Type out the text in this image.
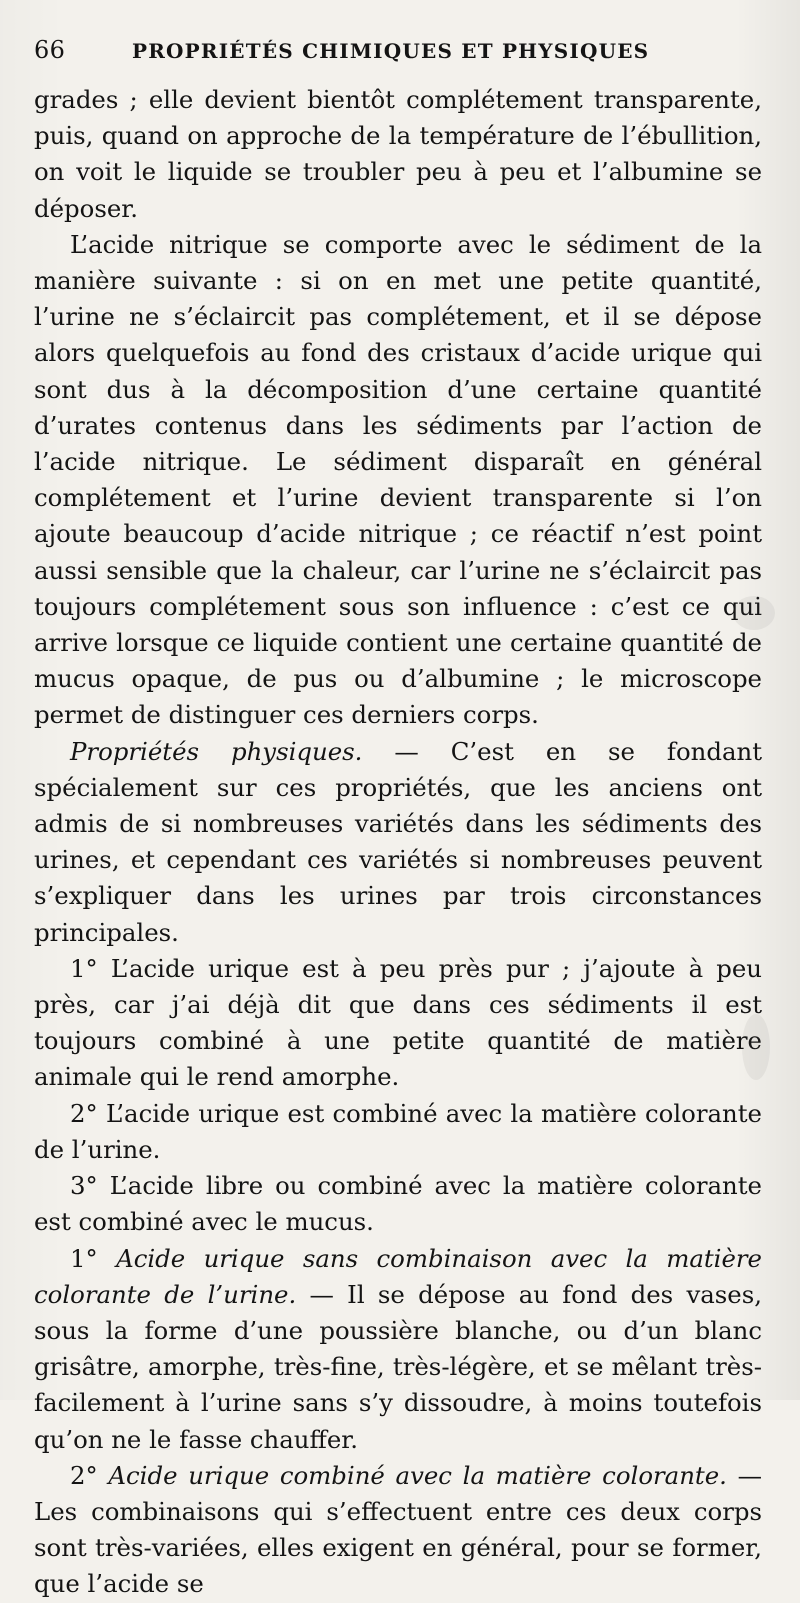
66	PROPRIÉTÉS CHIMIQUES ET PHYSIQUES

grades ; elle devient bientôt complétement transparente, puis, quand on approche de la température de l’ébullition, on voit le liquide se troubler peu à peu et l’albumine se déposer.

L’acide nitrique se comporte avec le sédiment de la manière suivante : si on en met une petite quantité, l’urine ne s’éclaircit pas complétement, et il se dépose alors quelquefois au fond des cristaux d’acide urique qui sont dus à la décomposition d’une certaine quantité d’urates contenus dans les sédiments par l’action de l’acide nitrique. Le sédiment disparaît en général complétement et l’urine devient transparente si l’on ajoute beaucoup d’acide nitrique ; ce réactif n’est point aussi sensible que la chaleur, car l’urine ne s’éclaircit pas toujours complétement sous son influence : c’est ce qui arrive lorsque ce liquide contient une certaine quantité de mucus opaque, de pus ou d’albumine ; le microscope permet de distinguer ces derniers corps.

Propriétés physiques. — C’est en se fondant spécialement sur ces propriétés, que les anciens ont admis de si nombreuses variétés dans les sédiments des urines, et cependant ces variétés si nombreuses peuvent s’expliquer dans les urines par trois circonstances principales.

1° L’acide urique est à peu près pur ; j’ajoute à peu près, car j’ai déjà dit que dans ces sédiments il est toujours combiné à une petite quantité de matière animale qui le rend amorphe.

2° L’acide urique est combiné avec la matière colorante de l’urine.

3° L’acide libre ou combiné avec la matière colorante est combiné avec le mucus.

1° Acide urique sans combinaison avec la matière colorante de l’urine. — Il se dépose au fond des vases, sous la forme d’une poussière blanche, ou d’un blanc grisâtre, amorphe, très-fine, très-légère, et se mêlant très-facilement à l’urine sans s’y dissoudre, à moins toutefois qu’on ne le fasse chauffer.

2° Acide urique combiné avec la matière colorante. — Les combinaisons qui s’effectuent entre ces deux corps sont très-variées, elles exigent en général, pour se former, que l’acide se
